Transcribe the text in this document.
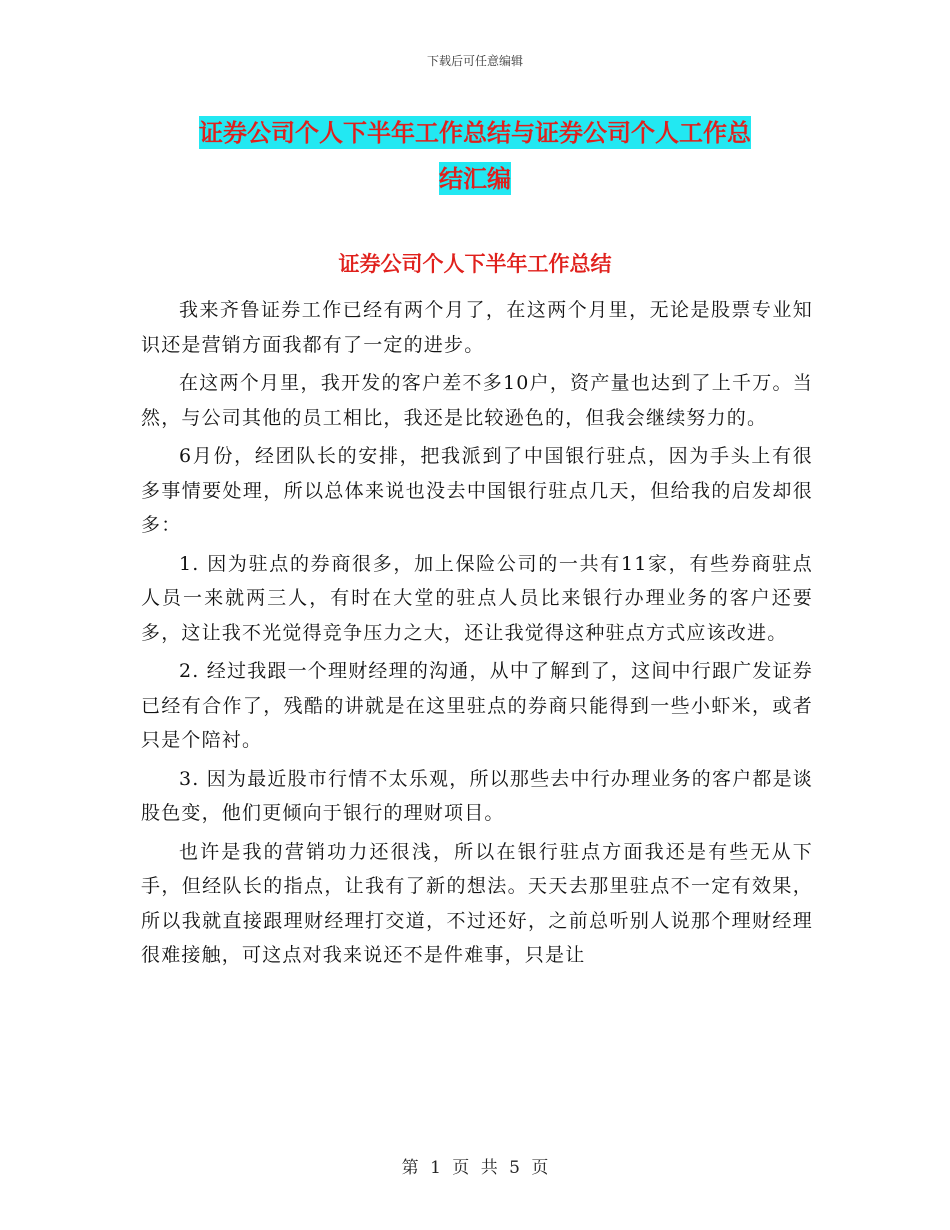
下载后可任意编辑
证券公司个人下半年工作总结与证券公司个人工作总
结汇编
证券公司个人下半年工作总结

我来齐鲁证券工作已经有两个月了，在这两个月里，无论是股票专业知识还是营销方面我都有了一定的进步。

在这两个月里，我开发的客户差不多10户，资产量也达到了上千万。当然，与公司其他的员工相比，我还是比较逊色的，但我会继续努力的。

6月份，经团队长的安排，把我派到了中国银行驻点，因为手头上有很多事情要处理，所以总体来说也没去中国银行驻点几天，但给我的启发却很多：

1. 因为驻点的券商很多，加上保险公司的一共有11家，有些券商驻点人员一来就两三人，有时在大堂的驻点人员比来银行办理业务的客户还要多，这让我不光觉得竞争压力之大，还让我觉得这种驻点方式应该改进。

2. 经过我跟一个理财经理的沟通，从中了解到了，这间中行跟广发证券已经有合作了，残酷的讲就是在这里驻点的券商只能得到一些小虾米，或者只是个陪衬。

3. 因为最近股市行情不太乐观，所以那些去中行办理业务的客户都是谈股色变，他们更倾向于银行的理财项目。

也许是我的营销功力还很浅，所以在银行驻点方面我还是有些无从下手，但经队长的指点，让我有了新的想法。天天去那里驻点不一定有效果，所以我就直接跟理财经理打交道，不过还好，之前总听别人说那个理财经理很难接触，可这点对我来说还不是件难事，只是让

第 1 页 共 5 页
